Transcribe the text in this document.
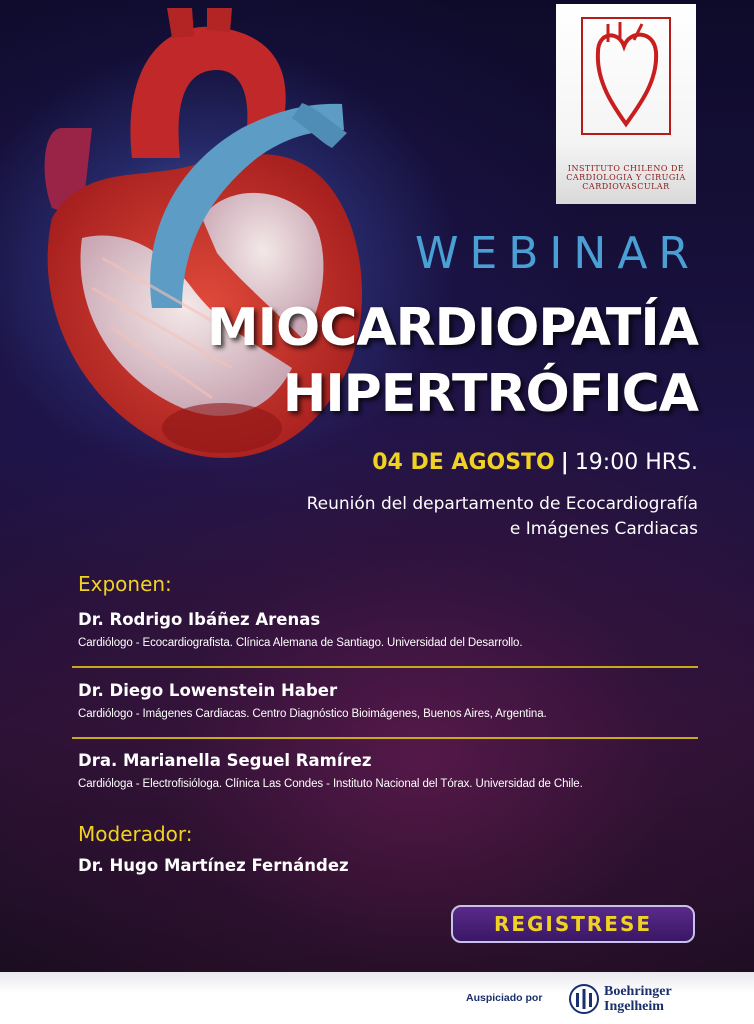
INSTITUTO CHILENO DE CARDIOLOGIA Y CIRUGIA CARDIOVASCULAR
WEBINAR
MIOCARDIOPATÍA
HIPERTRÓFICA
04 DE AGOSTO | 19:00 HRS.
Reunión del departamento de Ecocardiografía
e Imágenes Cardiacas
Exponen:
Dr. Rodrigo Ibáñez Arenas
Cardiólogo - Ecocardiografista. Clínica Alemana de Santiago. Universidad del Desarrollo.
Dr. Diego Lowenstein Haber
Cardiólogo - Imágenes Cardiacas. Centro Diagnóstico Bioimágenes, Buenos Aires, Argentina.
Dra. Marianella Seguel Ramírez
Cardióloga - Electrofisióloga. Clínica Las Condes - Instituto Nacional del Tórax. Universidad de Chile.
Moderador:
Dr. Hugo Martínez Fernández
REGISTRESE
Auspiciado por	Boehringer
Ingelheim
